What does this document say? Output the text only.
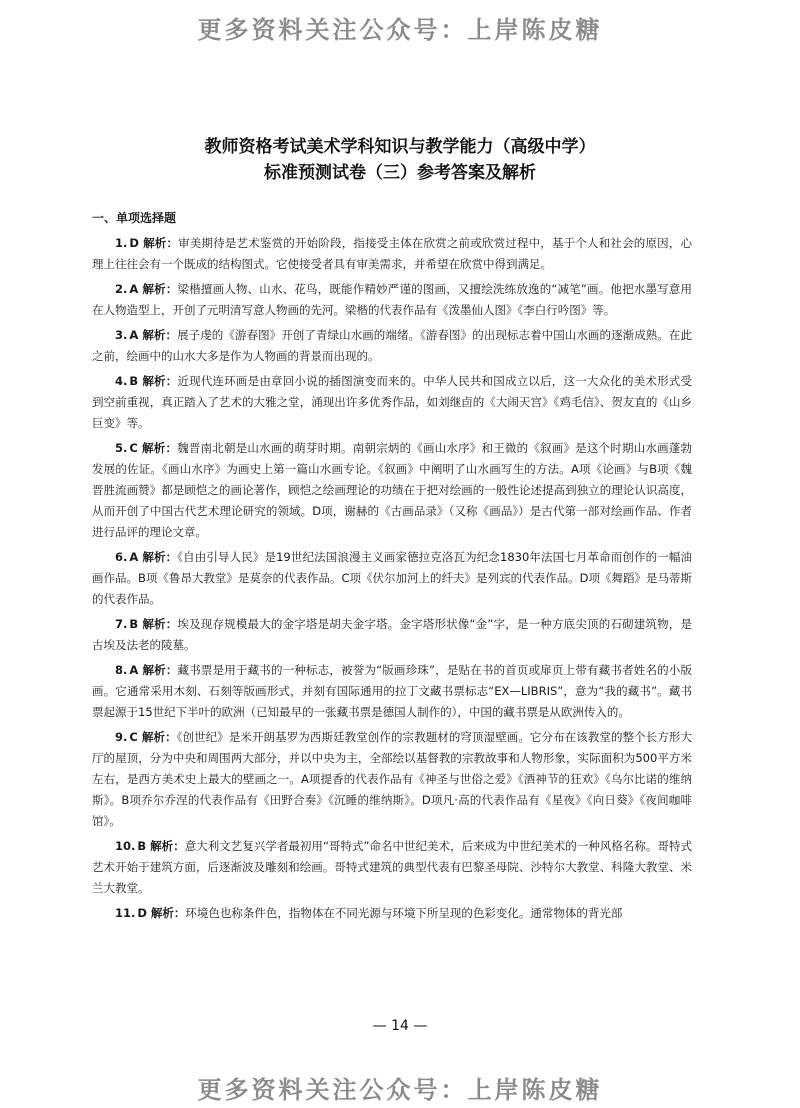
更多资料关注公众号：上岸陈皮糖
教师资格考试美术学科知识与教学能力（高级中学）
标准预测试卷（三）参考答案及解析
一、单项选择题

1. D 解析：审美期待是艺术鉴赏的开始阶段，指接受主体在欣赏之前或欣赏过程中，基于个人和社会的原因，心理上往往会有一个既成的结构图式。它使接受者具有审美需求，并希望在欣赏中得到满足。

2. A 解析：梁楷擅画人物、山水、花鸟，既能作精妙严谨的图画，又擅绘洗练放逸的“减笔”画。他把水墨写意用在人物造型上，开创了元明清写意人物画的先河。梁楷的代表作品有《泼墨仙人图》《李白行吟图》等。

3. A 解析：展子虔的《游春图》开创了青绿山水画的端绪。《游春图》的出现标志着中国山水画的逐渐成熟。在此之前，绘画中的山水大多是作为人物画的背景而出现的。

4. B 解析：近现代连环画是由章回小说的插图演变而来的。中华人民共和国成立以后，这一大众化的美术形式受到空前重视，真正踏入了艺术的大雅之堂，涌现出许多优秀作品，如刘继卣的《大闹天宫》《鸡毛信》、贺友直的《山乡巨变》等。

5. C 解析：魏晋南北朝是山水画的萌芽时期。南朝宗炳的《画山水序》和王微的《叙画》是这个时期山水画蓬勃发展的佐证。《画山水序》为画史上第一篇山水画专论。《叙画》中阐明了山水画写生的方法。A项《论画》与B项《魏晋胜流画赞》都是顾恺之的画论著作，顾恺之绘画理论的功绩在于把对绘画的一般性论述提高到独立的理论认识高度，从而开创了中国古代艺术理论研究的领域。D项，谢赫的《古画品录》（又称《画品》）是古代第一部对绘画作品、作者进行品评的理论文章。

6. A 解析：《自由引导人民》是19世纪法国浪漫主义画家德拉克洛瓦为纪念1830年法国七月革命而创作的一幅油画作品。B项《鲁昂大教堂》是莫奈的代表作品。C项《伏尔加河上的纤夫》是列宾的代表作品。D项《舞蹈》是马蒂斯的代表作品。

7. B 解析：埃及现存规模最大的金字塔是胡夫金字塔。金字塔形状像“金”字，是一种方底尖顶的石砌建筑物，是古埃及法老的陵墓。

8. A 解析：藏书票是用于藏书的一种标志，被誉为“版画珍珠”，是贴在书的首页或扉页上带有藏书者姓名的小版画。它通常采用木刻、石刻等版画形式，并刻有国际通用的拉丁文藏书票标志“EX—LIBRIS”，意为“我的藏书”。藏书票起源于15世纪下半叶的欧洲（已知最早的一张藏书票是德国人制作的），中国的藏书票是从欧洲传入的。

9. C 解析：《创世纪》是米开朗基罗为西斯廷教堂创作的宗教题材的穹顶湿壁画。它分布在该教堂的整个长方形大厅的屋顶，分为中央和周围两大部分，并以中央为主，全部绘以基督教的宗教故事和人物形象，实际面积为500平方米左右，是西方美术史上最大的壁画之一。A项提香的代表作品有《神圣与世俗之爱》《酒神节的狂欢》《乌尔比诺的维纳斯》。B项乔尔乔涅的代表作品有《田野合奏》《沉睡的维纳斯》。D项凡·高的代表作品有《星夜》《向日葵》《夜间咖啡馆》。

10. B 解析：意大利文艺复兴学者最初用“哥特式”命名中世纪美术，后来成为中世纪美术的一种风格名称。哥特式艺术开始于建筑方面，后逐渐波及雕刻和绘画。哥特式建筑的典型代表有巴黎圣母院、沙特尔大教堂、科隆大教堂、米兰大教堂。

11. D 解析：环境色也称条件色，指物体在不同光源与环境下所呈现的色彩变化。通常物体的背光部

— 14 —
更多资料关注公众号：上岸陈皮糖
